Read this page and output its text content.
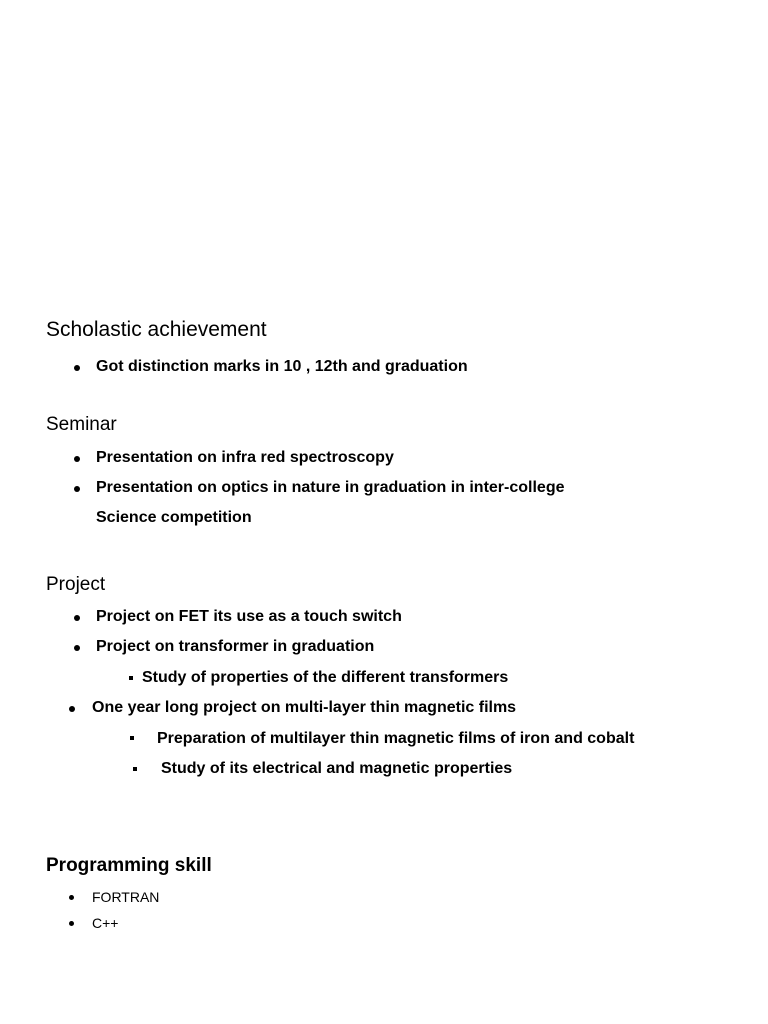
Scholastic achievement
Got distinction marks in 10 , 12th and graduation
Seminar
Presentation on infra red spectroscopy
Presentation on optics in nature in graduation in inter-college
Science competition
Project
Project on FET its use as a touch switch
Project on transformer in graduation
Study of properties of the different transformers
One year long project on multi-layer thin magnetic films
Preparation of multilayer thin magnetic films of iron and cobalt
Study of its electrical and magnetic properties
Programming skill
FORTRAN
C++
